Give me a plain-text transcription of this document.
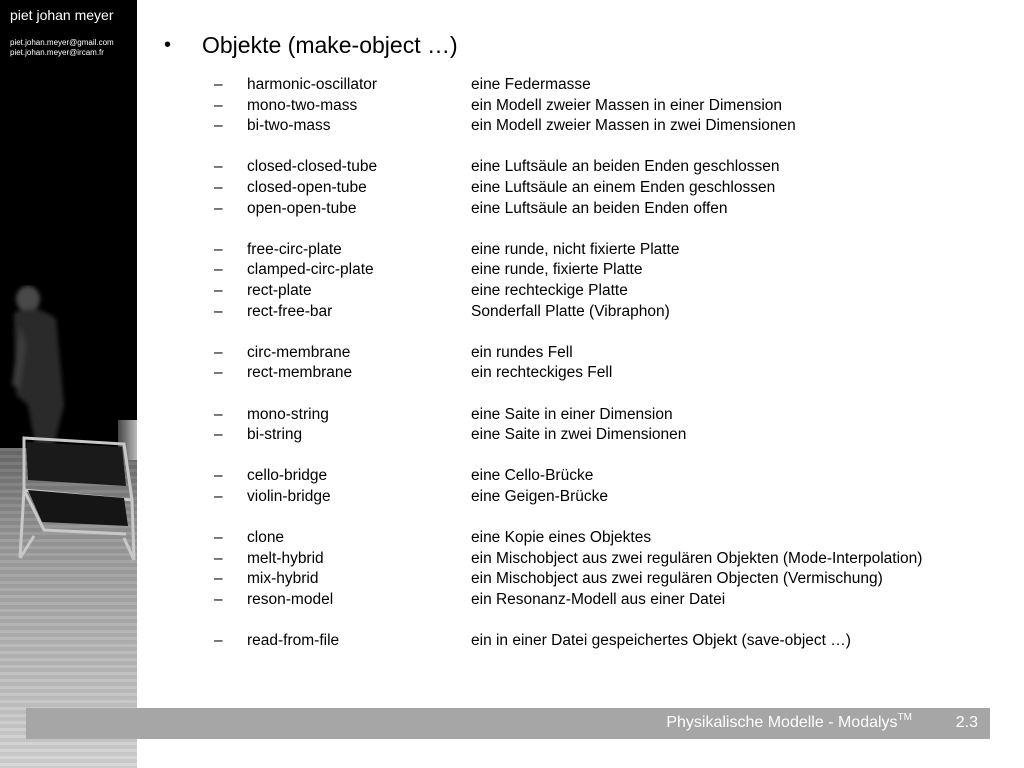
piet johan meyer
piet.johan.meyer@gmail.com
piet.johan.meyer@ircam.fr	•	Objekte (make-object …)
– harmonic-oscillator	eine Federmasse
– mono-two-mass	ein Modell zweier Massen in einer Dimension
– bi-two-mass	ein Modell zweier Massen in zwei Dimensionen
– closed-closed-tube	eine Luftsäule an beiden Enden geschlossen
– closed-open-tube	eine Luftsäule an einem Enden geschlossen
– open-open-tube	eine Luftsäule an beiden Enden offen
– free-circ-plate	eine runde, nicht fixierte Platte
– clamped-circ-plate	eine runde, fixierte Platte
– rect-plate	eine rechteckige Platte
– rect-free-bar	Sonderfall Platte (Vibraphon)
– circ-membrane	ein rundes Fell
– rect-membrane	ein rechteckiges Fell
– mono-string	eine Saite in einer Dimension
– bi-string	eine Saite in zwei Dimensionen
– cello-bridge	eine Cello-Brücke
– violin-bridge	eine Geigen-Brücke
– clone	eine Kopie eines Objektes
– melt-hybrid	ein Mischobject aus zwei regulären Objekten (Mode-Interpolation)
– mix-hybrid	ein Mischobject aus zwei regulären Objecten (Vermischung)
– reson-model	ein Resonanz-Modell aus einer Datei
– read-from-file	ein in einer Datei gespeichertes Objekt (save-object …)
Physikalische Modelle - Modalys™	2.3
